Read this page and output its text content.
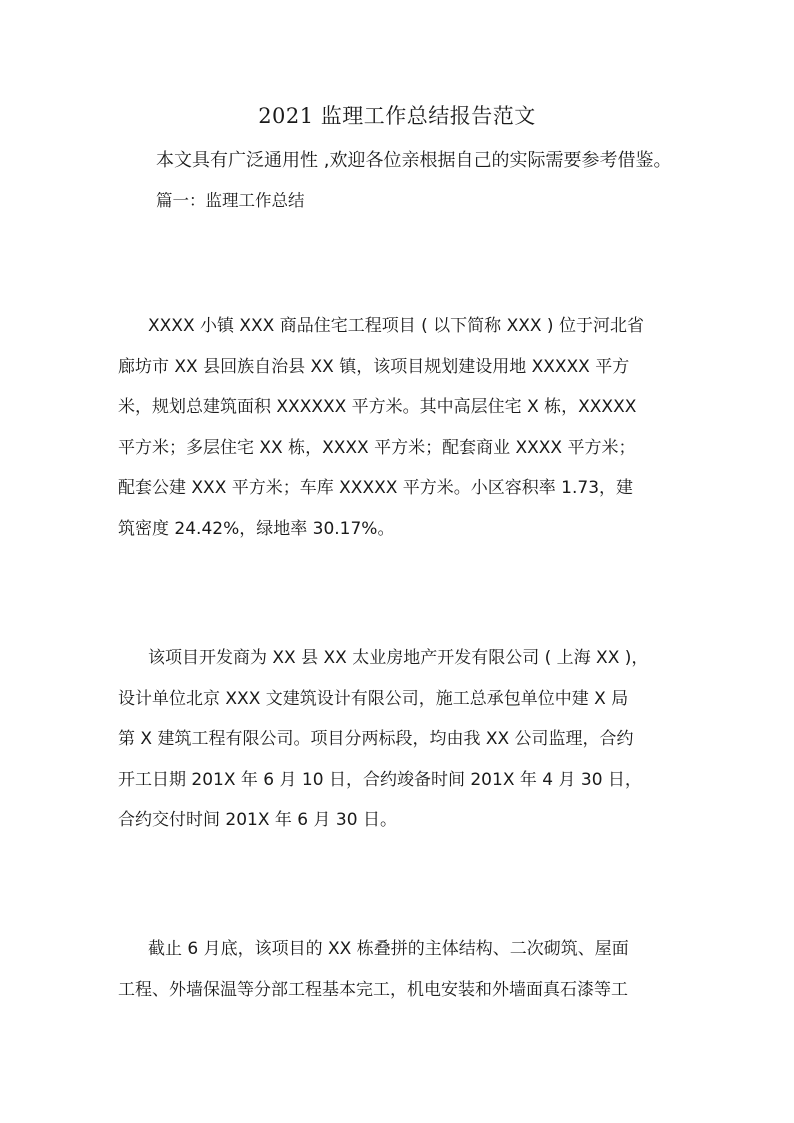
2021 监理工作总结报告范文

本文具有广泛通用性 ,欢迎各位亲根据自己的实际需要参考借鉴。

篇一：监理工作总结

XXXX 小镇 XXX 商品住宅工程项目 ( 以下简称 XXX ) 位于河北省
廊坊市 XX 县回族自治县 XX 镇，该项目规划建设用地 XXXXX 平方
米，规划总建筑面积 XXXXXX 平方米。其中高层住宅 X 栋，XXXXX
平方米；多层住宅 XX 栋，XXXX 平方米；配套商业 XXXX 平方米；
配套公建 XXX 平方米；车库 XXXXX 平方米。小区容积率 1.73，建
筑密度 24.42%，绿地率 30.17%。

该项目开发商为 XX 县 XX 太业房地产开发有限公司 ( 上海 XX )，
设计单位北京 XXX 文建筑设计有限公司，施工总承包单位中建 X 局
第 X 建筑工程有限公司。项目分两标段，均由我 XX 公司监理，合约
开工日期 201X 年 6 月 10 日，合约竣备时间 201X 年 4 月 30 日，
合约交付时间 201X 年 6 月 30 日。

截止 6 月底，该项目的 XX 栋叠拼的主体结构、二次砌筑、屋面
工程、外墙保温等分部工程基本完工，机电安装和外墙面真石漆等工
